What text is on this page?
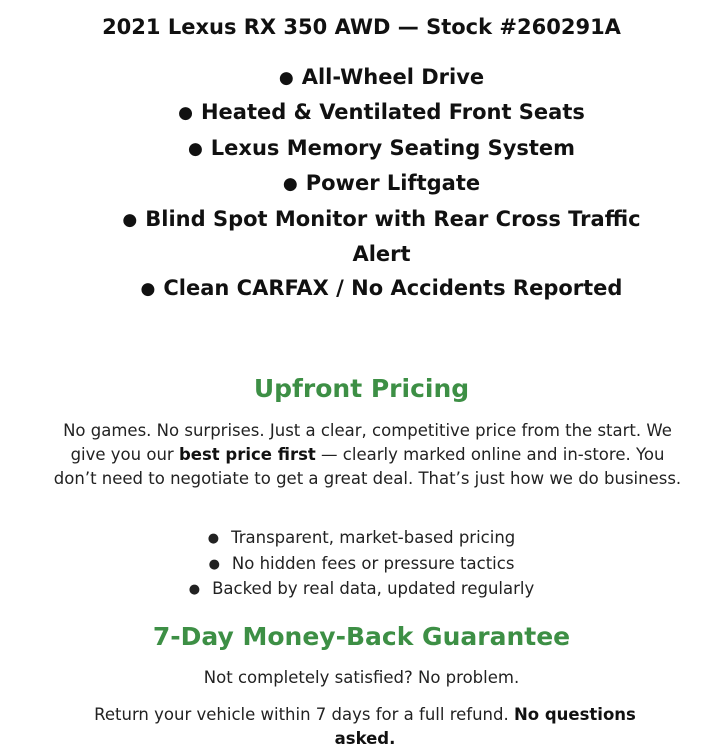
2021 Lexus RX 350 AWD — Stock #260291A
● All-Wheel Drive
● Heated & Ventilated Front Seats
● Lexus Memory Seating System
● Power Liftgate
● Blind Spot Monitor with Rear Cross Traffic Alert
● Clean CARFAX / No Accidents Reported
Upfront Pricing

No games. No surprises. Just a clear, competitive price from the start. We give you our best price first — clearly marked online and in-store. You don’t need to negotiate to get a great deal. That’s just how we do business.

● Transparent, market-based pricing
● No hidden fees or pressure tactics
● Backed by real data, updated regularly
7-Day Money-Back Guarantee

Not completely satisfied? No problem.

Return your vehicle within 7 days for a full refund. No questions asked.
